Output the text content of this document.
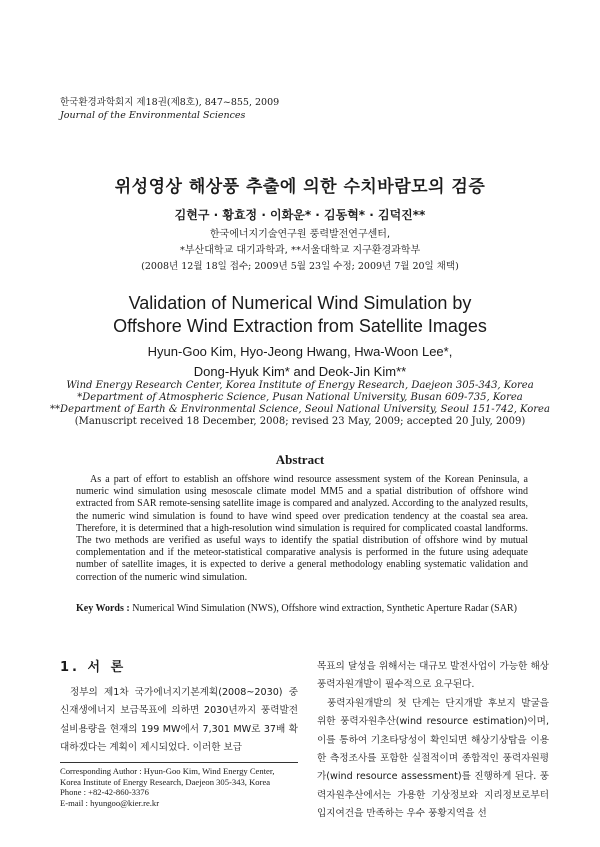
한국환경과학회지 제18권(제8호), 847~855, 2009
Journal of the Environmental Sciences
위성영상 해상풍 추출에 의한 수치바람모의 검증
김현구 · 황효정 · 이화운* · 김동혁* · 김덕진**
한국에너지기술연구원 풍력발전연구센터,
*부산대학교 대기과학과, **서울대학교 지구환경과학부
(2008년 12월 18일 접수; 2009년 5월 23일 수정; 2009년 7월 20일 채택)
Validation of Numerical Wind Simulation by
Offshore Wind Extraction from Satellite Images
Hyun-Goo Kim, Hyo-Jeong Hwang, Hwa-Woon Lee*,
Dong-Hyuk Kim* and Deok-Jin Kim**
Wind Energy Research Center, Korea Institute of Energy Research, Daejeon 305-343, Korea
*Department of Atmospheric Science, Pusan National University, Busan 609-735, Korea
**Department of Earth & Environmental Science, Seoul National University, Seoul 151-742, Korea
(Manuscript received 18 December, 2008; revised 23 May, 2009; accepted 20 July, 2009)
Abstract
As a part of effort to establish an offshore wind resource assessment system of the Korean Peninsula, a numeric wind simulation using mesoscale climate model MM5 and a spatial distribution of offshore wind extracted from SAR remote-sensing satellite image is compared and analyzed. According to the analyzed results, the numeric wind simulation is found to have wind speed over predication tendency at the coastal sea area. Therefore, it is determined that a high-resolution wind simulation is required for complicated coastal landforms. The two methods are verified as useful ways to identify the spatial distribution of offshore wind by mutual complementation and if the meteor-statistical comparative analysis is performed in the future using adequate number of satellite images, it is expected to derive a general methodology enabling systematic validation and correction of the numeric wind simulation.
Key Words : Numerical Wind Simulation (NWS), Offshore wind extraction, Synthetic Aperture Radar (SAR)
1. 서 론
정부의 제1차 국가에너지기본계획(2008~2030) 중 신재생에너지 보급목표에 의하면 2030년까지 풍력발전 설비용량을 현재의 199 MW에서 7,301 MW로 37배 확대하겠다는 계획이 제시되었다. 이러한 보급

목표의 달성을 위해서는 대규모 발전사업이 가능한 해상 풍력자원개발이 필수적으로 요구된다.

풍력자원개발의 첫 단계는 단지개발 후보지 발굴을 위한 풍력자원추산(wind resource estimation)이며, 이를 통하여 기초타당성이 확인되면 해상기상탑을 이용한 측정조사를 포함한 실절적이며 종합적인 풍력자원평가(wind resource assessment)를 진행하게 된다. 풍력자원추산에서는 가용한 기상정보와 지리정보로부터 입지여건을 만족하는 우수 풍황지역을 선

Corresponding Author : Hyun-Goo Kim, Wind Energy Center,
Korea Institute of Energy Research, Daejeon 305-343, Korea
Phone : +82-42-860-3376
E-mail : hyungoo@kier.re.kr
